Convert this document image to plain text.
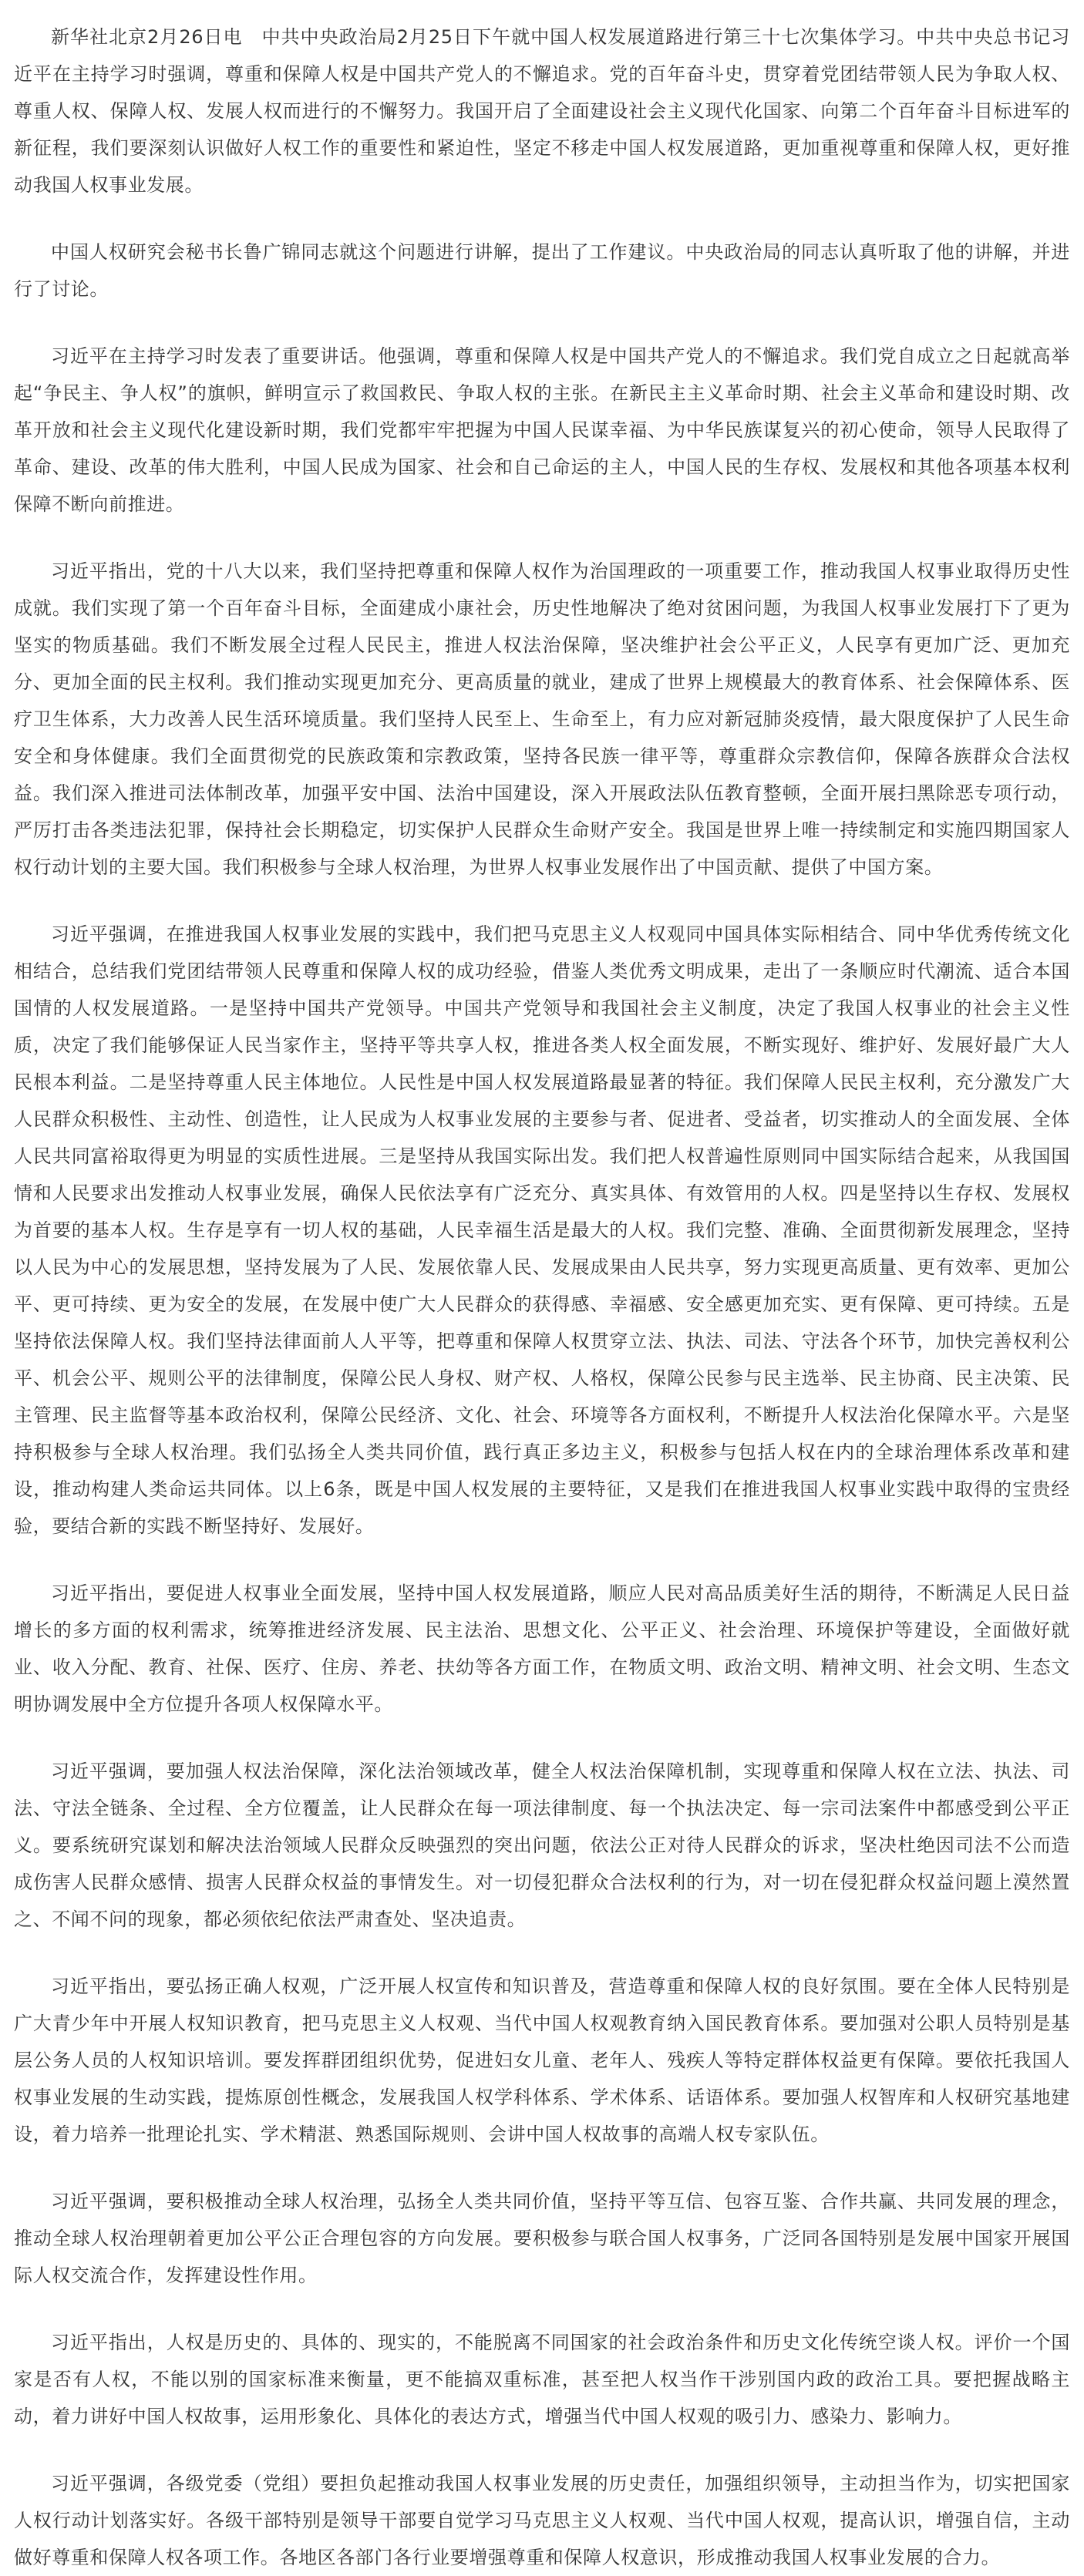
新华社北京2月26日电　中共中央政治局2月25日下午就中国人权发展道路进行第三十七次集体学习。中共中央总书记习近平在主持学习时强调，尊重和保障人权是中国共产党人的不懈追求。党的百年奋斗史，贯穿着党团结带领人民为争取人权、尊重人权、保障人权、发展人权而进行的不懈努力。我国开启了全面建设社会主义现代化国家、向第二个百年奋斗目标进军的新征程，我们要深刻认识做好人权工作的重要性和紧迫性，坚定不移走中国人权发展道路，更加重视尊重和保障人权，更好推动我国人权事业发展。

中国人权研究会秘书长鲁广锦同志就这个问题进行讲解，提出了工作建议。中央政治局的同志认真听取了他的讲解，并进行了讨论。

习近平在主持学习时发表了重要讲话。他强调，尊重和保障人权是中国共产党人的不懈追求。我们党自成立之日起就高举起“争民主、争人权”的旗帜，鲜明宣示了救国救民、争取人权的主张。在新民主主义革命时期、社会主义革命和建设时期、改革开放和社会主义现代化建设新时期，我们党都牢牢把握为中国人民谋幸福、为中华民族谋复兴的初心使命，领导人民取得了革命、建设、改革的伟大胜利，中国人民成为国家、社会和自己命运的主人，中国人民的生存权、发展权和其他各项基本权利保障不断向前推进。

习近平指出，党的十八大以来，我们坚持把尊重和保障人权作为治国理政的一项重要工作，推动我国人权事业取得历史性成就。我们实现了第一个百年奋斗目标，全面建成小康社会，历史性地解决了绝对贫困问题，为我国人权事业发展打下了更为坚实的物质基础。我们不断发展全过程人民民主，推进人权法治保障，坚决维护社会公平正义，人民享有更加广泛、更加充分、更加全面的民主权利。我们推动实现更加充分、更高质量的就业，建成了世界上规模最大的教育体系、社会保障体系、医疗卫生体系，大力改善人民生活环境质量。我们坚持人民至上、生命至上，有力应对新冠肺炎疫情，最大限度保护了人民生命安全和身体健康。我们全面贯彻党的民族政策和宗教政策，坚持各民族一律平等，尊重群众宗教信仰，保障各族群众合法权益。我们深入推进司法体制改革，加强平安中国、法治中国建设，深入开展政法队伍教育整顿，全面开展扫黑除恶专项行动，严厉打击各类违法犯罪，保持社会长期稳定，切实保护人民群众生命财产安全。我国是世界上唯一持续制定和实施四期国家人权行动计划的主要大国。我们积极参与全球人权治理，为世界人权事业发展作出了中国贡献、提供了中国方案。

习近平强调，在推进我国人权事业发展的实践中，我们把马克思主义人权观同中国具体实际相结合、同中华优秀传统文化相结合，总结我们党团结带领人民尊重和保障人权的成功经验，借鉴人类优秀文明成果，走出了一条顺应时代潮流、适合本国国情的人权发展道路。一是坚持中国共产党领导。中国共产党领导和我国社会主义制度，决定了我国人权事业的社会主义性质，决定了我们能够保证人民当家作主，坚持平等共享人权，推进各类人权全面发展，不断实现好、维护好、发展好最广大人民根本利益。二是坚持尊重人民主体地位。人民性是中国人权发展道路最显著的特征。我们保障人民民主权利，充分激发广大人民群众积极性、主动性、创造性，让人民成为人权事业发展的主要参与者、促进者、受益者，切实推动人的全面发展、全体人民共同富裕取得更为明显的实质性进展。三是坚持从我国实际出发。我们把人权普遍性原则同中国实际结合起来，从我国国情和人民要求出发推动人权事业发展，确保人民依法享有广泛充分、真实具体、有效管用的人权。四是坚持以生存权、发展权为首要的基本人权。生存是享有一切人权的基础，人民幸福生活是最大的人权。我们完整、准确、全面贯彻新发展理念，坚持以人民为中心的发展思想，坚持发展为了人民、发展依靠人民、发展成果由人民共享，努力实现更高质量、更有效率、更加公平、更可持续、更为安全的发展，在发展中使广大人民群众的获得感、幸福感、安全感更加充实、更有保障、更可持续。五是坚持依法保障人权。我们坚持法律面前人人平等，把尊重和保障人权贯穿立法、执法、司法、守法各个环节，加快完善权利公平、机会公平、规则公平的法律制度，保障公民人身权、财产权、人格权，保障公民参与民主选举、民主协商、民主决策、民主管理、民主监督等基本政治权利，保障公民经济、文化、社会、环境等各方面权利，不断提升人权法治化保障水平。六是坚持积极参与全球人权治理。我们弘扬全人类共同价值，践行真正多边主义，积极参与包括人权在内的全球治理体系改革和建设，推动构建人类命运共同体。以上6条，既是中国人权发展的主要特征，又是我们在推进我国人权事业实践中取得的宝贵经验，要结合新的实践不断坚持好、发展好。

习近平指出，要促进人权事业全面发展，坚持中国人权发展道路，顺应人民对高品质美好生活的期待，不断满足人民日益增长的多方面的权利需求，统筹推进经济发展、民主法治、思想文化、公平正义、社会治理、环境保护等建设，全面做好就业、收入分配、教育、社保、医疗、住房、养老、扶幼等各方面工作，在物质文明、政治文明、精神文明、社会文明、生态文明协调发展中全方位提升各项人权保障水平。

习近平强调，要加强人权法治保障，深化法治领域改革，健全人权法治保障机制，实现尊重和保障人权在立法、执法、司法、守法全链条、全过程、全方位覆盖，让人民群众在每一项法律制度、每一个执法决定、每一宗司法案件中都感受到公平正义。要系统研究谋划和解决法治领域人民群众反映强烈的突出问题，依法公正对待人民群众的诉求，坚决杜绝因司法不公而造成伤害人民群众感情、损害人民群众权益的事情发生。对一切侵犯群众合法权利的行为，对一切在侵犯群众权益问题上漠然置之、不闻不问的现象，都必须依纪依法严肃查处、坚决追责。

习近平指出，要弘扬正确人权观，广泛开展人权宣传和知识普及，营造尊重和保障人权的良好氛围。要在全体人民特别是广大青少年中开展人权知识教育，把马克思主义人权观、当代中国人权观教育纳入国民教育体系。要加强对公职人员特别是基层公务人员的人权知识培训。要发挥群团组织优势，促进妇女儿童、老年人、残疾人等特定群体权益更有保障。要依托我国人权事业发展的生动实践，提炼原创性概念，发展我国人权学科体系、学术体系、话语体系。要加强人权智库和人权研究基地建设，着力培养一批理论扎实、学术精湛、熟悉国际规则、会讲中国人权故事的高端人权专家队伍。

习近平强调，要积极推动全球人权治理，弘扬全人类共同价值，坚持平等互信、包容互鉴、合作共赢、共同发展的理念，推动全球人权治理朝着更加公平公正合理包容的方向发展。要积极参与联合国人权事务，广泛同各国特别是发展中国家开展国际人权交流合作，发挥建设性作用。

习近平指出，人权是历史的、具体的、现实的，不能脱离不同国家的社会政治条件和历史文化传统空谈人权。评价一个国家是否有人权，不能以别的国家标准来衡量，更不能搞双重标准，甚至把人权当作干涉别国内政的政治工具。要把握战略主动，着力讲好中国人权故事，运用形象化、具体化的表达方式，增强当代中国人权观的吸引力、感染力、影响力。

习近平强调，各级党委（党组）要担负起推动我国人权事业发展的历史责任，加强组织领导，主动担当作为，切实把国家人权行动计划落实好。各级干部特别是领导干部要自觉学习马克思主义人权观、当代中国人权观，提高认识，增强自信，主动做好尊重和保障人权各项工作。各地区各部门各行业要增强尊重和保障人权意识，形成推动我国人权事业发展的合力。
